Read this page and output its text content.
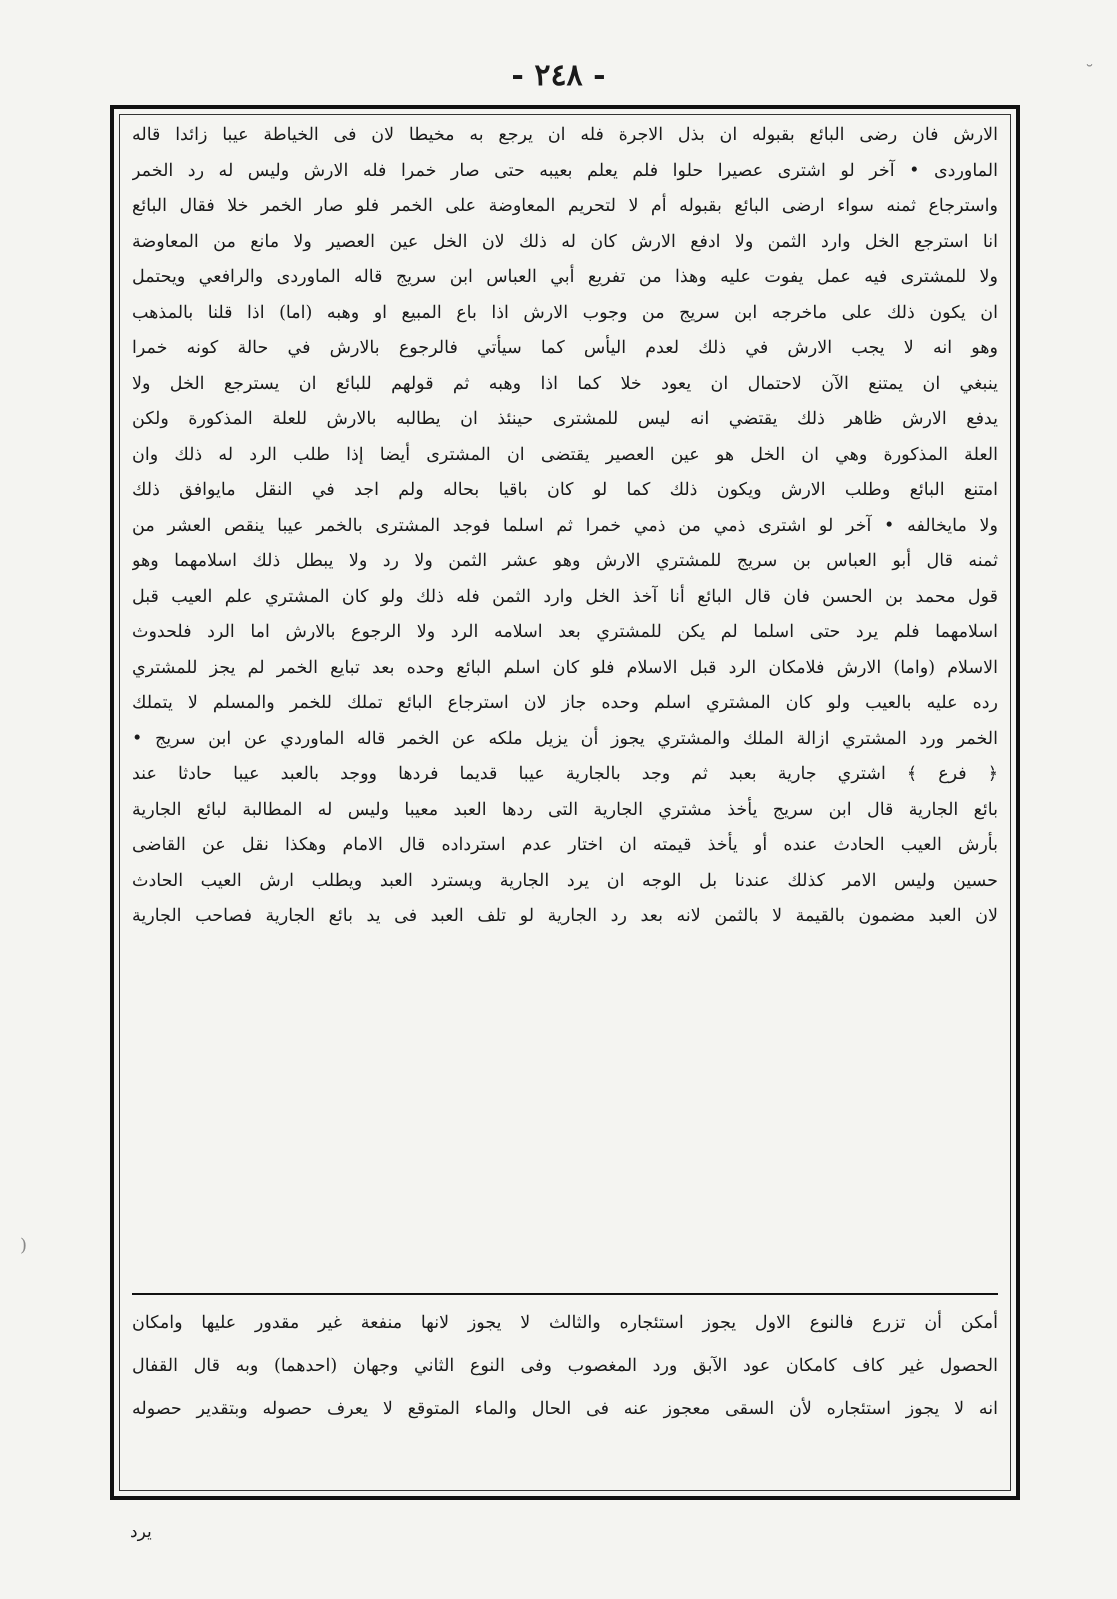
- ٢٤٨ -
الارش فان رضى البائع بقبوله ان بذل الاجرة فله ان يرجع به مخيطا لان فى الخياطة عيبا زائدا قاله
الماوردى • آخر لو اشترى عصيرا حلوا فلم يعلم بعيبه حتى صار خمرا فله الارش وليس له رد الخمر
واسترجاع ثمنه سواء ارضى البائع بقبوله أم لا لتحريم المعاوضة على الخمر فلو صار الخمر خلا فقال البائع
انا استرجع الخل وارد الثمن ولا ادفع الارش كان له ذلك لان الخل عين العصير ولا مانع من المعاوضة
ولا للمشترى فيه عمل يفوت عليه وهذا من تفريع أبي العباس ابن سريج قاله الماوردى والرافعي ويحتمل
ان يكون ذلك على ماخرجه ابن سريج من وجوب الارش اذا باع المبيع او وهبه (اما) اذا قلنا بالمذهب
وهو انه لا يجب الارش في ذلك لعدم اليأس كما سيأتي فالرجوع بالارش في حالة كونه خمرا
ينبغي ان يمتنع الآن لاحتمال ان يعود خلا كما اذا وهبه ثم قولهم للبائع ان يسترجع الخل ولا
يدفع الارش ظاهر ذلك يقتضي انه ليس للمشترى حينئذ ان يطالبه بالارش للعلة المذكورة ولكن
العلة المذكورة وهي ان الخل هو عين العصير يقتضى ان المشترى أيضا إذا طلب الرد له ذلك وان
امتنع البائع وطلب الارش ويكون ذلك كما لو كان باقيا بحاله ولم اجد في النقل مايوافق ذلك
ولا مايخالفه • آخر لو اشترى ذمي من ذمي خمرا ثم اسلما فوجد المشترى بالخمر عيبا ينقص العشر من
ثمنه قال أبو العباس بن سريج للمشتري الارش وهو عشر الثمن ولا رد ولا يبطل ذلك اسلامهما وهو
قول محمد بن الحسن فان قال البائع أنا آخذ الخل وارد الثمن فله ذلك ولو كان المشتري علم العيب قبل
اسلامهما فلم يرد حتى اسلما لم يكن للمشتري بعد اسلامه الرد ولا الرجوع بالارش اما الرد فلحدوث
الاسلام (واما) الارش فلامكان الرد قبل الاسلام فلو كان اسلم البائع وحده بعد تبايع الخمر لم يجز للمشتري
رده عليه بالعيب ولو كان المشتري اسلم وحده جاز لان استرجاع البائع تملك للخمر والمسلم لا يتملك
الخمر ورد المشتري ازالة الملك والمشتري يجوز أن يزيل ملكه عن الخمر قاله الماوردي عن ابن سريج •
﴿ فرع ﴾ اشتري جارية بعبد ثم وجد بالجارية عيبا قديما فردها ووجد بالعبد عيبا حادثا عند
بائع الجارية قال ابن سريج يأخذ مشتري الجارية التى ردها العبد معيبا وليس له المطالبة لبائع الجارية
بأرش العيب الحادث عنده أو يأخذ قيمته ان اختار عدم استرداده قال الامام وهكذا نقل عن القاضى
حسين وليس الامر كذلك عندنا بل الوجه ان يرد الجارية ويسترد العبد ويطلب ارش العيب الحادث
لان العبد مضمون بالقيمة لا بالثمن لانه بعد رد الجارية لو تلف العبد فى يد بائع الجارية فصاحب الجارية
أمكن أن تزرع فالنوع الاول يجوز استئجاره والثالث لا يجوز لانها منفعة غير مقدور عليها وامكان
الحصول غير كاف كامكان عود الآبق ورد المغصوب وفى النوع الثاني وجهان (احدهما) وبه قال القفال
انه لا يجوز استئجاره لأن السقى معجوز عنه فى الحال والماء المتوقع لا يعرف حصوله وبتقدير حصوله
يرد
˘
(
